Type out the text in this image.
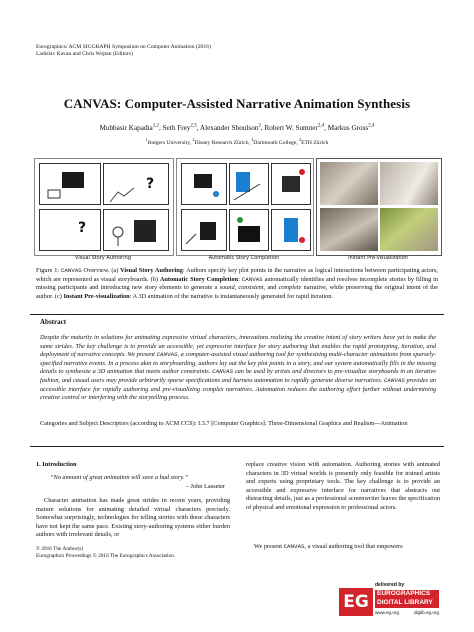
Eurographics/ ACM SIGGRAPH Symposium on Computer Animation (2016)
Ladislav Kavan and Chris Wojtan (Editors)
CANVAS: Computer-Assisted Narrative Animation Synthesis
Mubbasir Kapadia$^{1,2}$, Seth Frey$^{2,3}$, Alexander Shoulson$^2$, Robert W. Sumner$^{2,4}$, Markus Gross$^{2,4}$
$^1$Rutgers University, $^2$Disney Research Zürich, $^3$Dartmouth College, $^4$ETH Zürich
?
?
Visual Story Authoring	Automatic Story Completion	Instant Pre-visualization
Figure 1: CANVAS Overview. (a) Visual Story Authoring: Authors specify key plot points in the narrative as logical interactions between participating actors, which are represented as visual storyboards. (b) Automatic Story Completion: CANVAS automatically identifies and resolves incomplete stories by filling in missing participants and introducing new story elements to generate a sound, consistent, and complete narrative, while preserving the original intent of the author. (c) Instant Pre-visualization: A 3D animation of the narrative is instantaneously generated for rapid iteration.
Abstract
Despite the maturity in solutions for animating expressive virtual characters, innovations realizing the creative intent of story writers have yet to make the same strides. The key challenge is to provide an accessible, yet expressive interface for story authoring that enables the rapid prototyping, iteration, and deployment of narrative concepts. We present CANVAS, a computer-assisted visual authoring tool for synthesizing multi-character animations from sparsely-specified narrative events. In a process akin to storyboarding, authors lay out the key plot points in a story, and our system automatically fills in the missing details to synthesize a 3D animation that meets author constraints. CANVAS can be used by artists and directors to pre-visualize storyboards in an iterative fashion, and casual users may provide arbitrarily sparse specifications and harness automation to rapidly generate diverse narratives. CANVAS provides an accessible interface for rapidly authoring and pre-visualizing complex narratives. Automation reduces the authoring effort further without undermining creative control or interfering with the storytelling process.
Categories and Subject Descriptors (according to ACM CCS): I.3.7 [Computer Graphics]: Three-Dimensional Graphics and Realism—Animation
1. Introduction
“No amount of great animation will save a bad story.”
– John Lasseter

Character animation has made great strides in recent years, providing mature solutions for animating detailed virtual characters precisely. Somewhat surprisingly, technologies for telling stories with these characters have not kept the same pace. Existing story-authoring systems either burden authors with irrelevant details, or

replace creative vision with automation. Authoring stories with animated characters in 3D virtual worlds is presently only feasible for trained artists and experts using proprietary tools. The key challenge is to provide an accessible and expressive interface for narratives that abstracts out distracting details, just as a professional screenwriter leaves the specification of physical and emotional expression to professional actors.

We present CANVAS, a visual authoring tool that empowers
© 2016 The Author(s)
Eurographics Proceedings © 2016 The Eurographics Association.
delivered by
EG	EUROGRAPHICS
DIGITAL LIBRARY
www.eg.org	diglib.eg.org
